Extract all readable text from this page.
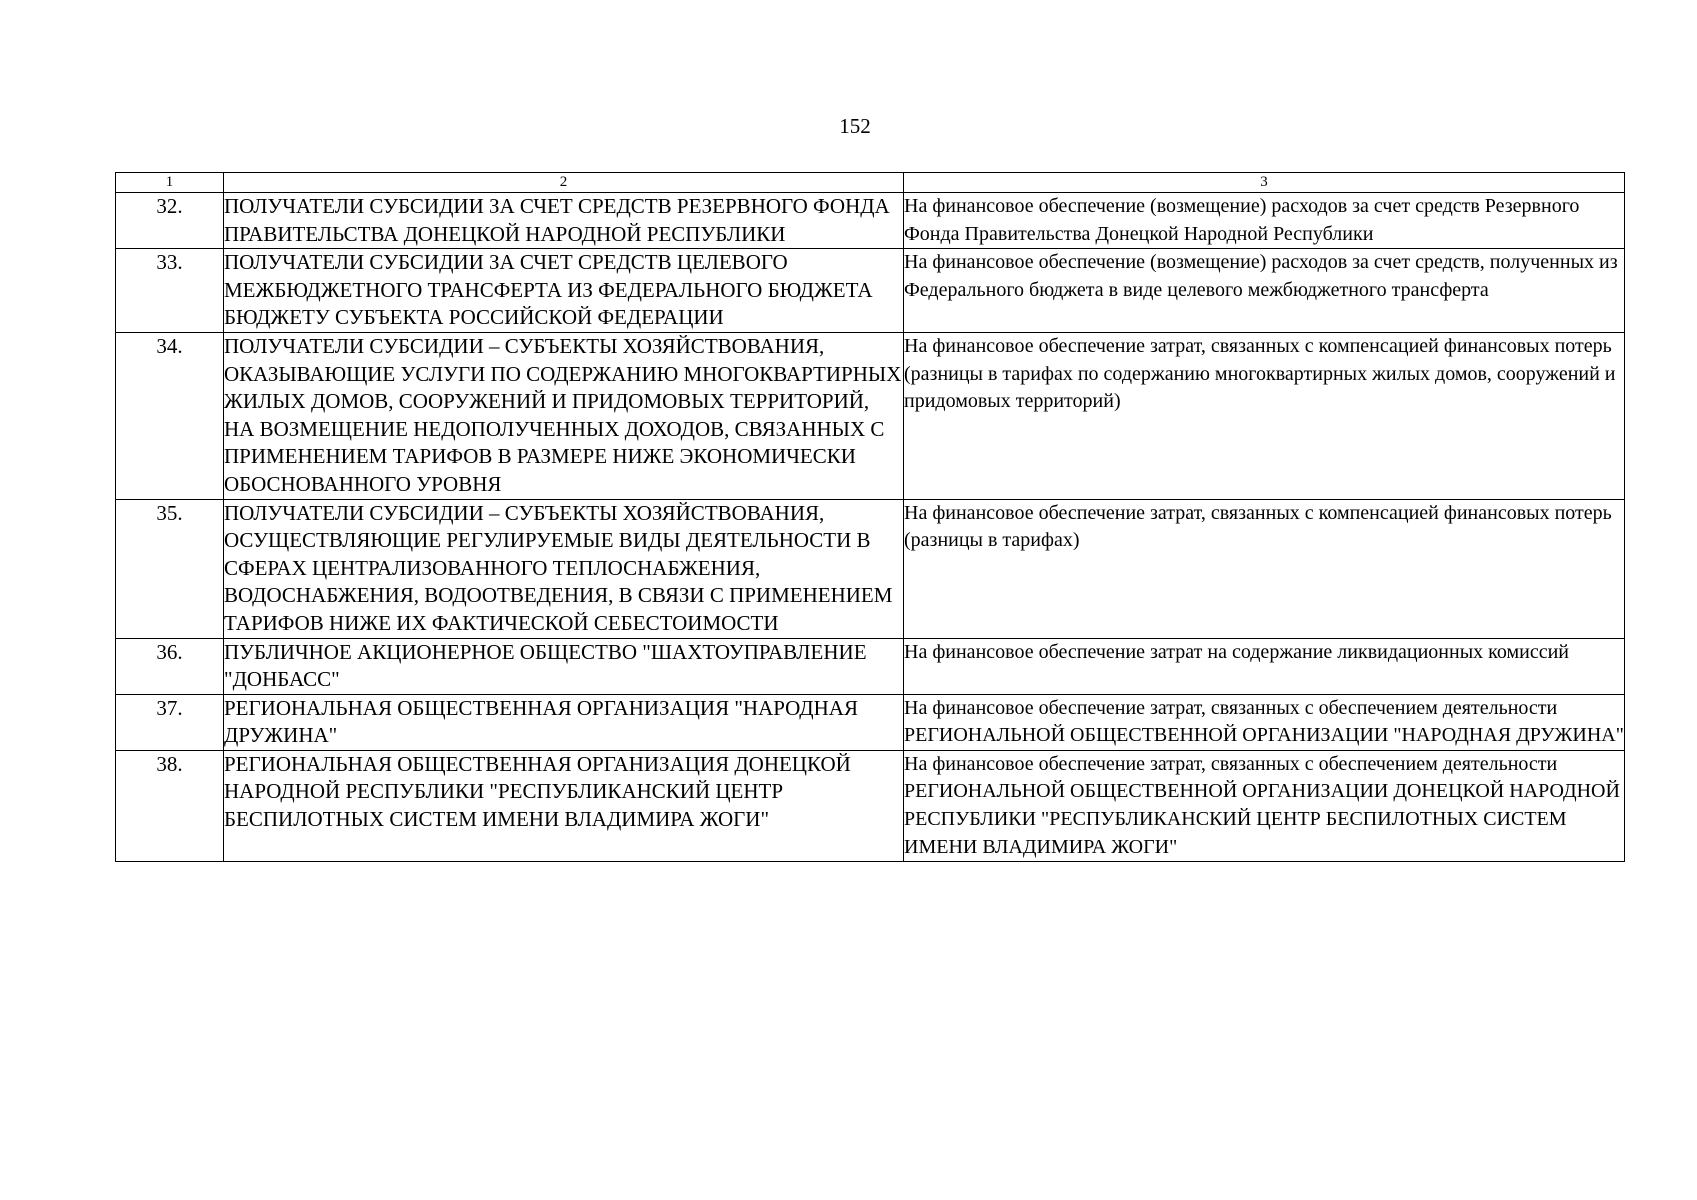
152
1	2	3
32.	ПОЛУЧАТЕЛИ СУБСИДИИ ЗА СЧЕТ СРЕДСТВ РЕЗЕРВНОГО ФОНДА ПРАВИТЕЛЬСТВА ДОНЕЦКОЙ НАРОДНОЙ РЕСПУБЛИКИ	На финансовое обеспечение (возмещение) расходов за счет средств Резервного Фонда Правительства Донецкой Народной Республики
33.	ПОЛУЧАТЕЛИ СУБСИДИИ ЗА СЧЕТ СРЕДСТВ ЦЕЛЕВОГО МЕЖБЮДЖЕТНОГО ТРАНСФЕРТА ИЗ ФЕДЕРАЛЬНОГО БЮДЖЕТА БЮДЖЕТУ СУБЪЕКТА РОССИЙСКОЙ ФЕДЕРАЦИИ	На финансовое обеспечение (возмещение) расходов за счет средств, полученных из Федерального бюджета в виде целевого межбюджетного трансферта
34.	ПОЛУЧАТЕЛИ СУБСИДИИ – СУБЪЕКТЫ ХОЗЯЙСТВОВАНИЯ, ОКАЗЫВАЮЩИЕ УСЛУГИ ПО СОДЕРЖАНИЮ МНОГОКВАРТИРНЫХ ЖИЛЫХ ДОМОВ, СООРУЖЕНИЙ И ПРИДОМОВЫХ ТЕРРИТОРИЙ, НА ВОЗМЕЩЕНИЕ НЕДОПОЛУЧЕННЫХ ДОХОДОВ, СВЯЗАННЫХ С ПРИМЕНЕНИЕМ ТАРИФОВ В РАЗМЕРЕ НИЖЕ ЭКОНОМИЧЕСКИ ОБОСНОВАННОГО УРОВНЯ	На финансовое обеспечение затрат, связанных с компенсацией финансовых потерь (разницы в тарифах по содержанию многоквартирных жилых домов, сооружений и придомовых территорий)
35.	ПОЛУЧАТЕЛИ СУБСИДИИ – СУБЪЕКТЫ ХОЗЯЙСТВОВАНИЯ, ОСУЩЕСТВЛЯЮЩИЕ РЕГУЛИРУЕМЫЕ ВИДЫ ДЕЯТЕЛЬНОСТИ В СФЕРАХ ЦЕНТРАЛИЗОВАННОГО ТЕПЛОСНАБЖЕНИЯ, ВОДОСНАБЖЕНИЯ, ВОДООТВЕДЕНИЯ, В СВЯЗИ С ПРИМЕНЕНИЕМ ТАРИФОВ НИЖЕ ИХ ФАКТИЧЕСКОЙ СЕБЕСТОИМОСТИ	На финансовое обеспечение затрат, связанных с компенсацией финансовых потерь (разницы в тарифах)
36.	ПУБЛИЧНОЕ АКЦИОНЕРНОЕ ОБЩЕСТВО "ШАХТОУПРАВЛЕНИЕ "ДОНБАСС"	На финансовое обеспечение затрат на содержание ликвидационных комиссий
37.	РЕГИОНАЛЬНАЯ ОБЩЕСТВЕННАЯ ОРГАНИЗАЦИЯ "НАРОДНАЯ ДРУЖИНА"	На финансовое обеспечение затрат, связанных с обеспечением деятельности РЕГИОНАЛЬНОЙ ОБЩЕСТВЕННОЙ ОРГАНИЗАЦИИ "НАРОДНАЯ ДРУЖИНА"
38.	РЕГИОНАЛЬНАЯ ОБЩЕСТВЕННАЯ ОРГАНИЗАЦИЯ ДОНЕЦКОЙ НАРОДНОЙ РЕСПУБЛИКИ "РЕСПУБЛИКАНСКИЙ ЦЕНТР БЕСПИЛОТНЫХ СИСТЕМ ИМЕНИ ВЛАДИМИРА ЖОГИ"	На финансовое обеспечение затрат, связанных с обеспечением деятельности РЕГИОНАЛЬНОЙ ОБЩЕСТВЕННОЙ ОРГАНИЗАЦИИ ДОНЕЦКОЙ НАРОДНОЙ РЕСПУБЛИКИ "РЕСПУБЛИКАНСКИЙ ЦЕНТР БЕСПИЛОТНЫХ СИСТЕМ ИМЕНИ ВЛАДИМИРА ЖОГИ"
